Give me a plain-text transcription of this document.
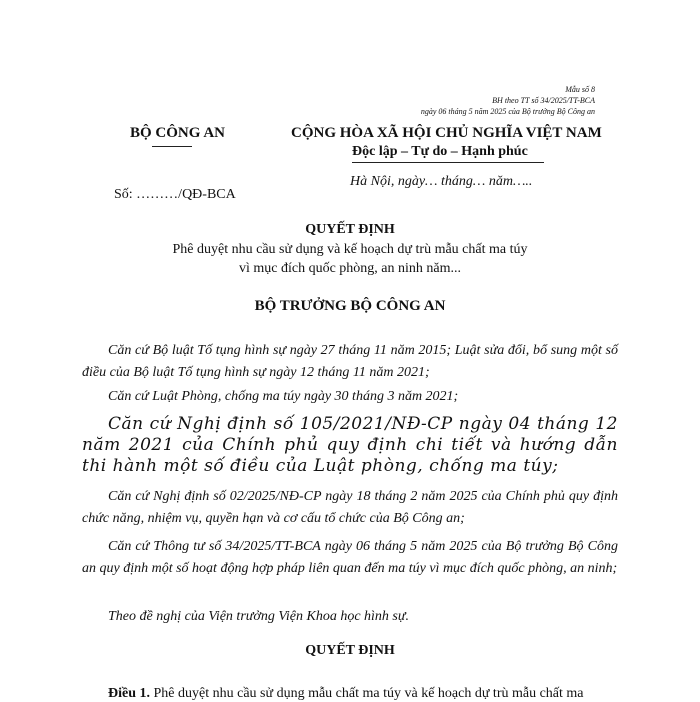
Mẫu số 8
BH theo TT số 34/2025/TT-BCA
ngày 06 tháng 5 năm 2025 của Bộ trưởng Bộ Công an
BỘ CÔNG AN	CỘNG HÒA XÃ HỘI CHỦ NGHĨA VIỆT NAM
Độc lập – Tự do – Hạnh phúc
Hà Nội, ngày… tháng… năm…..
Số: ………/QĐ-BCA
QUYẾT ĐỊNH
Phê duyệt nhu cầu sử dụng và kế hoạch dự trù mẫu chất ma túy
vì mục đích quốc phòng, an ninh năm...
BỘ TRƯỞNG BỘ CÔNG AN
Căn cứ Bộ luật Tố tụng hình sự ngày 27 tháng 11 năm 2015; Luật sửa đổi, bổ sung một số điều của Bộ luật Tố tụng hình sự ngày 12 tháng 11 năm 2021;
Căn cứ Luật Phòng, chống ma túy ngày 30 tháng 3 năm 2021;
Căn cứ Nghị định số 105/2021/NĐ-CP ngày 04 tháng 12 năm 2021 của Chính phủ quy định chi tiết và hướng dẫn thi hành một số điều của Luật phòng, chống ma túy;
Căn cứ Nghị định số 02/2025/NĐ-CP ngày 18 tháng 2 năm 2025 của Chính phủ quy định chức năng, nhiệm vụ, quyền hạn và cơ cấu tổ chức của Bộ Công an;
Căn cứ Thông tư số 34/2025/TT-BCA ngày 06 tháng 5 năm 2025 của Bộ trưởng Bộ Công an quy định một số hoạt động hợp pháp liên quan đến ma túy vì mục đích quốc phòng, an ninh;
Theo đề nghị của Viện trưởng Viện Khoa học hình sự.
QUYẾT ĐỊNH
Điều 1. Phê duyệt nhu cầu sử dụng mẫu chất ma túy và kế hoạch dự trù mẫu chất ma
